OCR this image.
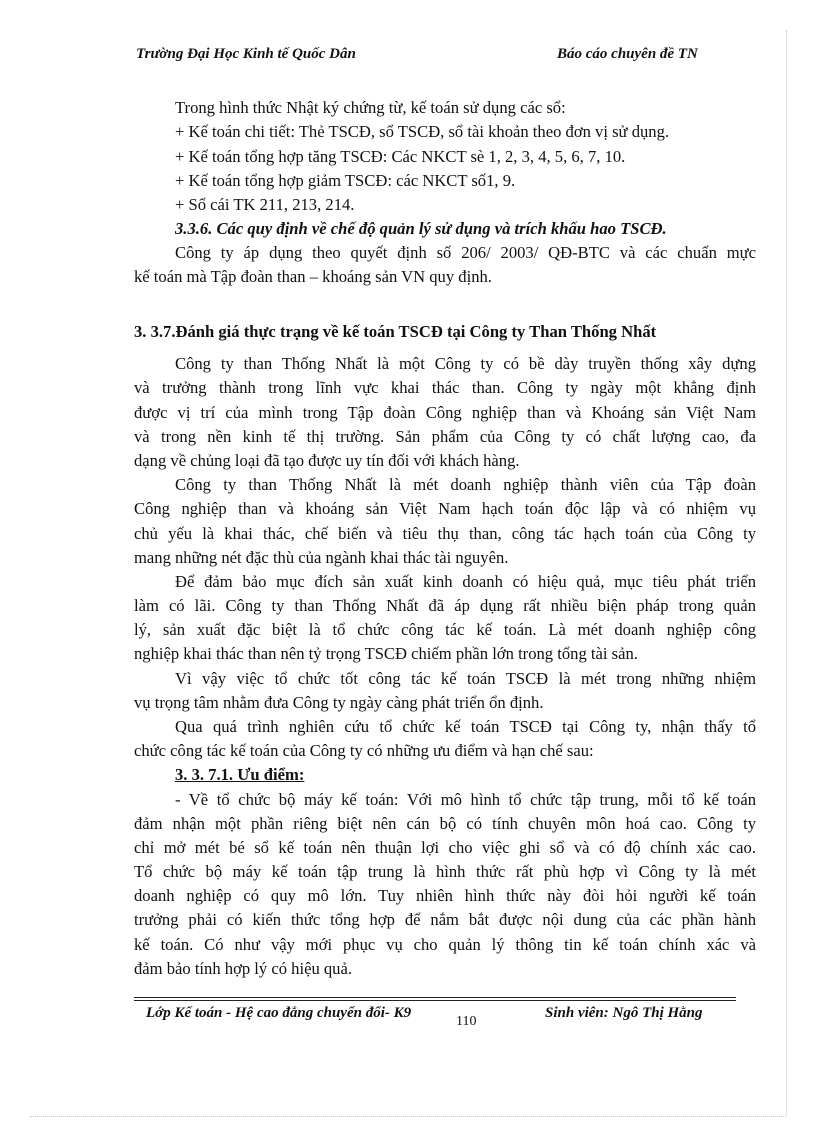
Trường Đại Học Kinh tế Quốc Dân	Báo cáo chuyên đề TN
Trong hình thức Nhật ký chứng từ, kế toán sử dụng các sổ:
+ Kế toán chi tiết: Thẻ TSCĐ, sổ TSCĐ, sổ tài khoản theo đơn vị sử dụng.
+ Kế toán tổng hợp tăng TSCĐ: Các NKCT sè 1, 2, 3, 4, 5, 6, 7, 10.
+ Kế toán tổng hợp giảm TSCĐ: các NKCT số1, 9.
+ Sổ cái TK 211, 213, 214.
3.3.6. Các quy định về chế độ quản lý sử dụng và trích khấu hao TSCĐ.
Công ty áp dụng theo quyết định số 206/ 2003/ QĐ-BTC và các chuẩn mực
kế toán mà Tập đoàn than – khoáng sản VN quy định.
3. 3.7.Đánh giá thực trạng về kế toán TSCĐ tại Công ty Than Thống Nhất
Công ty than Thống Nhất là một Công ty có bề dày truyền thống xây dựng
và trưởng thành trong lĩnh vực khai thác than. Công ty ngày một khẳng định
được vị trí của mình trong Tập đoàn Công nghiệp than và Khoáng sản Việt Nam
và trong nền kinh tế thị trường. Sản phẩm của Công ty có chất lượng cao, đa
dạng về chủng loại đã tạo được uy tín đối với khách hàng.
Công ty than Thống Nhất là mét doanh nghiệp thành viên của Tập đoàn
Công nghiệp than và khoáng sản Việt Nam hạch toán độc lập và có nhiệm vụ
chủ yếu là khai thác, chế biến và tiêu thụ than, công tác hạch toán của Công ty
mang những nét đặc thù của ngành khai thác tài nguyên.
Để đảm bảo mục đích sản xuất kinh doanh có hiệu quả, mục tiêu phát triển
làm có lãi. Công ty than Thống Nhất đã áp dụng rất nhiều biện pháp trong quản
lý, sản xuất đặc biệt là tổ chức công tác kế toán. Là mét doanh nghiệp công
nghiệp khai thác than nên tỷ trọng TSCĐ chiếm phần lớn trong tổng tài sản.
Vì vậy việc tổ chức tốt công tác kế toán TSCĐ là mét trong những nhiệm
vụ trọng tâm nhằm đưa Công ty ngày càng phát triển ổn định.
Qua quá trình nghiên cứu tổ chức kế toán TSCĐ tại Công ty, nhận thấy tổ
chức công tác kế toán của Công ty có những ưu điểm và hạn chế sau:
3. 3. 7.1. Ưu điểm:
- Về tổ chức bộ máy kế toán: Với mô hình tổ chức tập trung, mỗi tổ kế toán
đảm nhận một phần riêng biệt nên cán bộ có tính chuyên môn hoá cao. Công ty
chỉ mở mét bé sổ kế toán nên thuận lợi cho việc ghi sổ và có độ chính xác cao.
Tổ chức bộ máy kế toán tập trung là hình thức rất phù hợp vì Công ty là mét
doanh nghiệp có quy mô lớn. Tuy nhiên hình thức này đòi hỏi người kế toán
trưởng phải có kiến thức tổng hợp để nắm bắt được nội dung của các phần hành
kế toán. Có như vậy mới phục vụ cho quản lý thông tin kế toán chính xác và
đảm bảo tính hợp lý có hiệu quả.
Lớp Kế toán - Hệ cao đẳng chuyển đổi- K9
110
Sinh viên: Ngô Thị Hằng
